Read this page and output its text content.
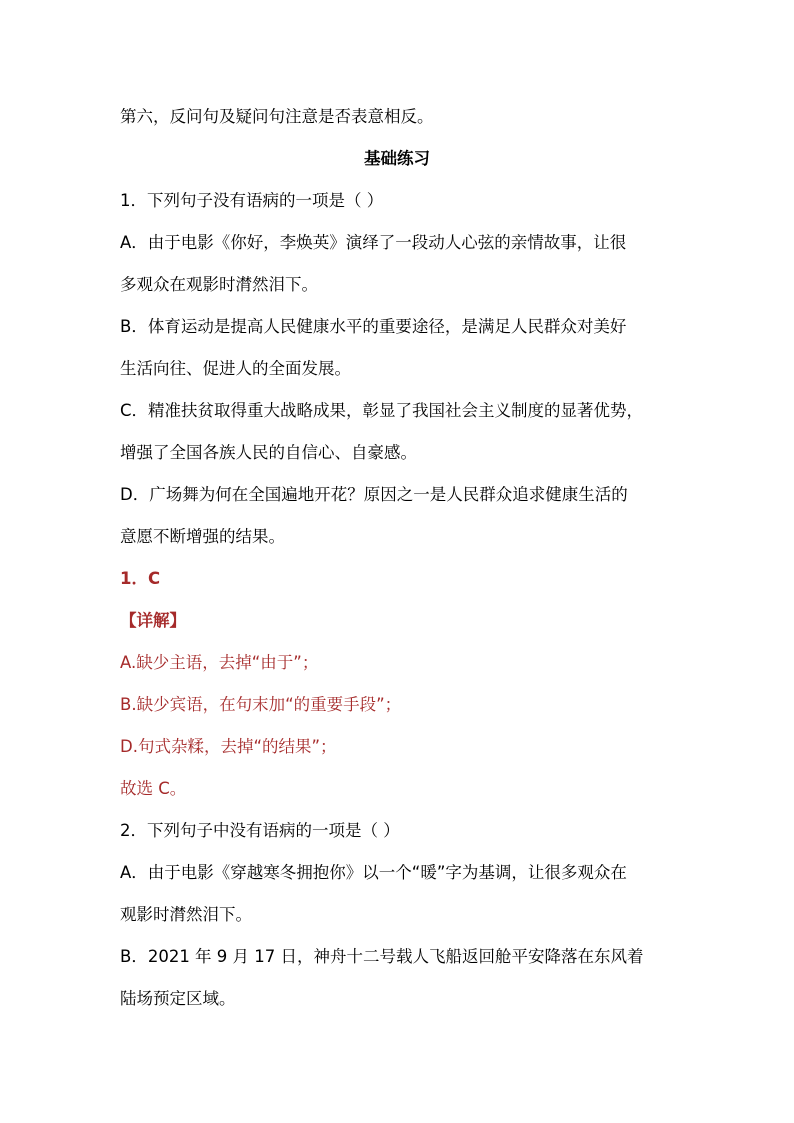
第六，反问句及疑问句注意是否表意相反。
基础练习
1．下列句子没有语病的一项是（ ）
A．由于电影《你好，李焕英》演绎了一段动人心弦的亲情故事，让很
多观众在观影时潸然泪下。
B．体育运动是提高人民健康水平的重要途径，是满足人民群众对美好
生活向往、促进人的全面发展。
C．精准扶贫取得重大战略成果，彰显了我国社会主义制度的显著优势，
增强了全国各族人民的自信心、自豪感。
D．广场舞为何在全国遍地开花？原因之一是人民群众追求健康生活的
意愿不断增强的结果。
1．C
【详解】
A.缺少主语，去掉“由于”；
B.缺少宾语，在句末加“的重要手段”；
D.句式杂糅，去掉“的结果”；
故选 C。
2．下列句子中没有语病的一项是（ ）
A．由于电影《穿越寒冬拥抱你》以一个“暖”字为基调，让很多观众在
观影时潸然泪下。
B．2021 年 9 月 17 日，神舟十二号载人飞船返回舱平安降落在东风着
陆场预定区域。
